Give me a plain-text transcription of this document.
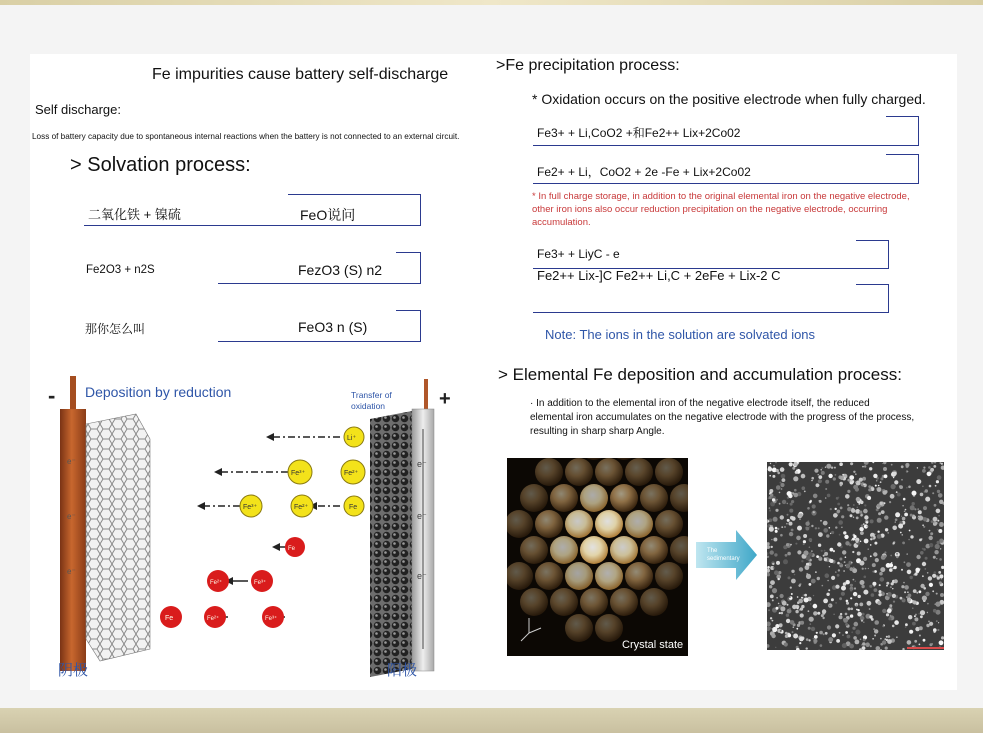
Fe impurities cause battery self-discharge
Self discharge:
Loss of battery capacity due to spontaneous internal reactions when the battery is not connected to an external circuit.
> Solvation process:
二氧化铁 + 镍硫	FeO说问
Fe2O3 + n2S	FezO3 (S) n2
那你怎么叫	FeO3 n (S)
- Deposition by reduction	Transfer of
oxidation	+
e⁻
e⁻
e⁻
e⁻
e⁻
e⁻
Li⁺
Fe³⁺	Fe²⁺
Fe³⁺	Fe²⁺	Fe
Fe
Fe²⁺	Fe³⁺
Fe	Fe²⁺	Fe³⁺
阴极	阳极
>Fe precipitation process:
* Oxidation occurs on the positive electrode when fully charged.
Fe3+ + Li,CoO2 +和Fe2++ Lix+2Co02
Fe2+ + Li，CoO2 + 2e -Fe + Lix+2Co02
* In full charge storage, in addition to the original elemental iron on the negative electrode, other iron ions also occur reduction precipitation on the negative electrode, occurring accumulation.
Fe3+ + LiyC - e
Fe2++ Lix-]C Fe2++ Li,C + 2eFe + Lix-2 C
Note: The ions in the solution are solvated ions
> Elemental Fe deposition and accumulation process:
· In addition to the elemental iron of the negative electrode itself, the reduced elemental iron accumulates on the negative electrode with the progress of the process, resulting in sharp sharp Angle.
Crystal state
The
sedimentary
